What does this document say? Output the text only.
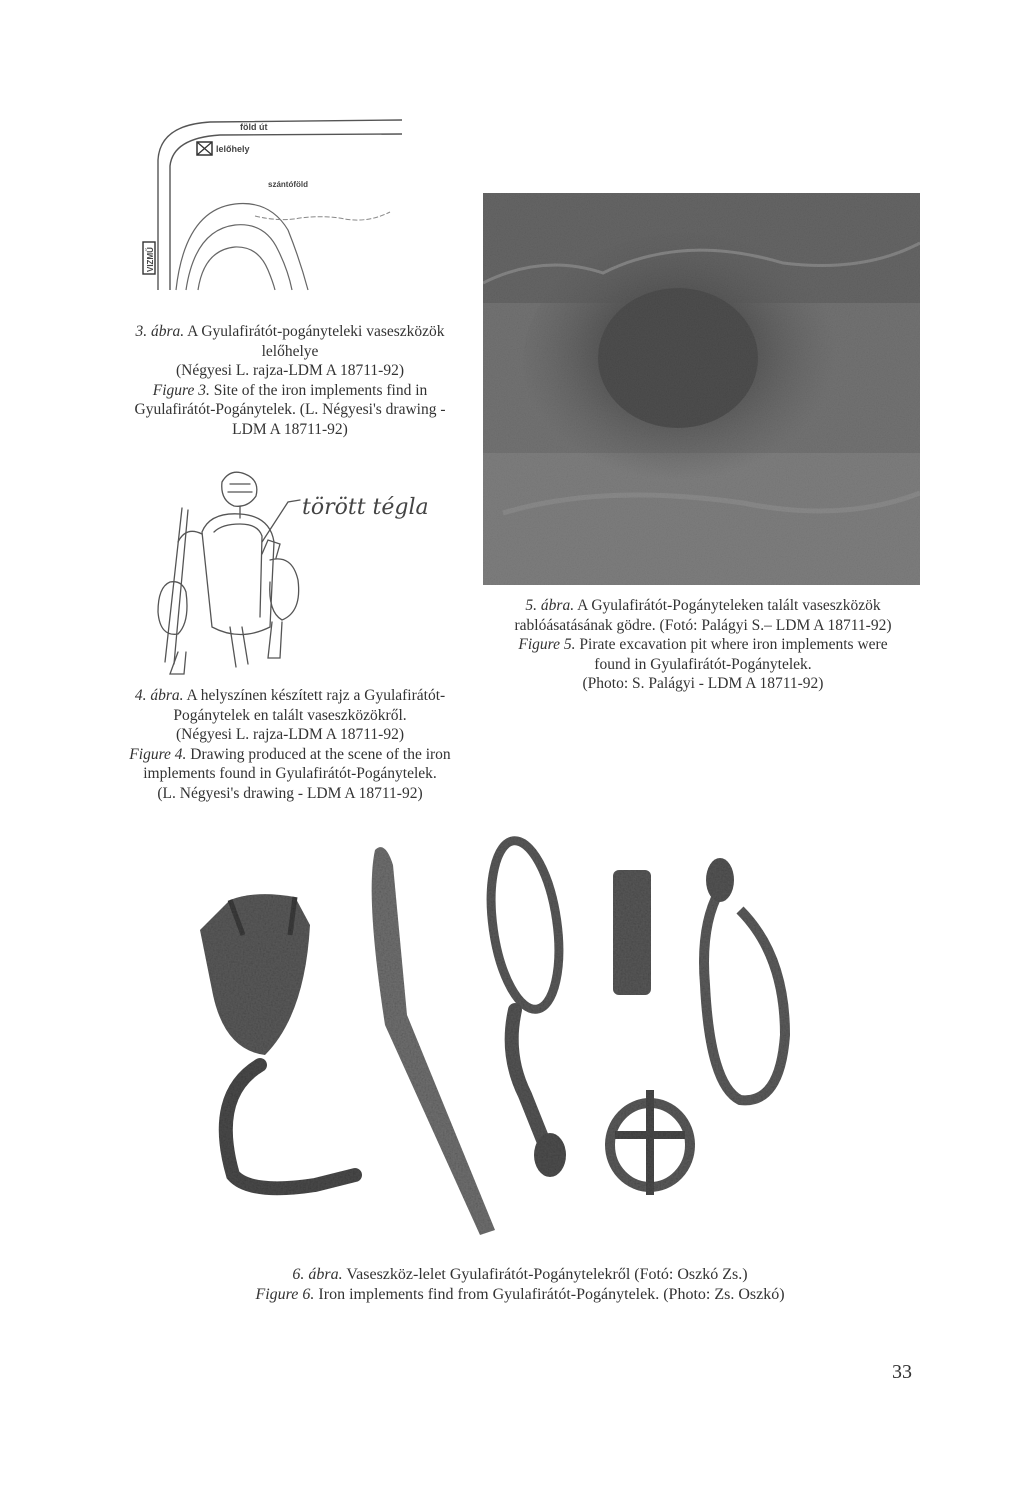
föld út
lelőhely
szántóföld
VIZMŰ

3. ábra. A Gyulafirátót-pogányteleki vaseszközök

lelőhelye

(Négyesi L. rajza-LDM A 18711-92)

Figure 3. Site of the iron implements find in

Gyulafirátót-Pogánytelek. (L. Négyesi's drawing -

LDM A 18711-92)

törött tégla

4. ábra. A helyszínen készített rajz a Gyulafirátót-

Pogánytelek en talált vaseszközökről.

(Négyesi L. rajza-LDM A 18711-92)

Figure 4. Drawing produced at the scene of the iron

implements found in Gyulafirátót-Pogánytelek.

(L. Négyesi's drawing - LDM A 18711-92)

5. ábra. A Gyulafirátót-Pogányteleken talált vaseszközök

rablóásatásának gödre. (Fotó: Palágyi S.– LDM A 18711-92)

Figure 5. Pirate excavation pit where iron implements were

found in Gyulafirátót-Pogánytelek.

(Photo: S. Palágyi - LDM A 18711-92)

6. ábra. Vaseszköz-lelet Gyulafirátót-Pogánytelekről (Fotó: Oszkó Zs.)

Figure 6. Iron implements find from Gyulafirátót-Pogánytelek. (Photo: Zs. Oszkó)

33
